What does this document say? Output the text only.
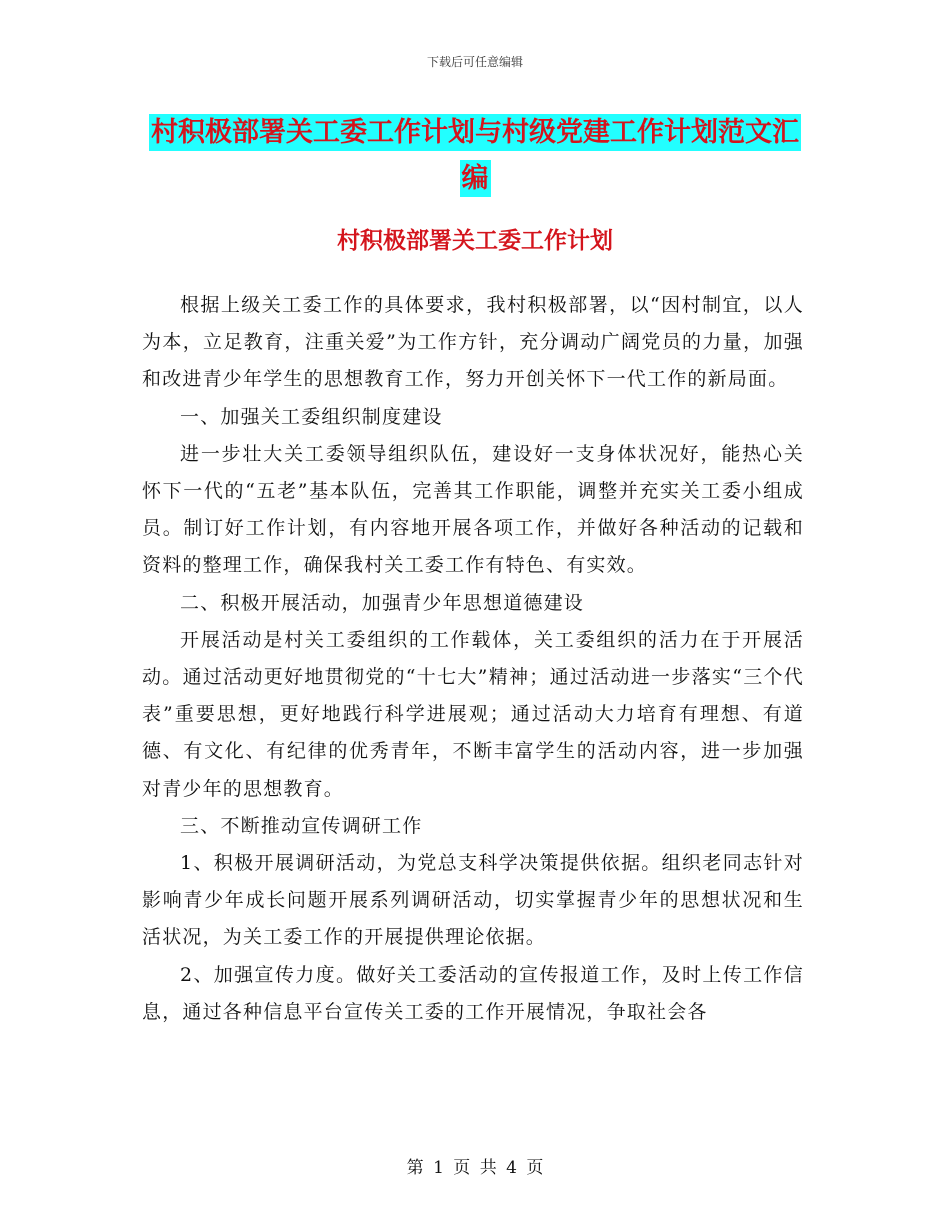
下载后可任意编辑
村积极部署关工委工作计划与村级党建工作计划范文汇编
村积极部署关工委工作计划

根据上级关工委工作的具体要求，我村积极部署，以“因村制宜，以人为本，立足教育，注重关爱”为工作方针，充分调动广阔党员的力量，加强和改进青少年学生的思想教育工作，努力开创关怀下一代工作的新局面。

一、加强关工委组织制度建设

进一步壮大关工委领导组织队伍，建设好一支身体状况好，能热心关怀下一代的“五老”基本队伍，完善其工作职能，调整并充实关工委小组成员。制订好工作计划，有内容地开展各项工作，并做好各种活动的记载和资料的整理工作，确保我村关工委工作有特色、有实效。

二、积极开展活动，加强青少年思想道德建设

开展活动是村关工委组织的工作载体，关工委组织的活力在于开展活动。通过活动更好地贯彻党的“十七大”精神；通过活动进一步落实“三个代表”重要思想，更好地践行科学进展观；通过活动大力培育有理想、有道德、有文化、有纪律的优秀青年，不断丰富学生的活动内容，进一步加强对青少年的思想教育。

三、不断推动宣传调研工作

1、积极开展调研活动，为党总支科学决策提供依据。组织老同志针对影响青少年成长问题开展系列调研活动，切实掌握青少年的思想状况和生活状况，为关工委工作的开展提供理论依据。

2、加强宣传力度。做好关工委活动的宣传报道工作，及时上传工作信息，通过各种信息平台宣传关工委的工作开展情况，争取社会各

第 1 页 共 4 页
